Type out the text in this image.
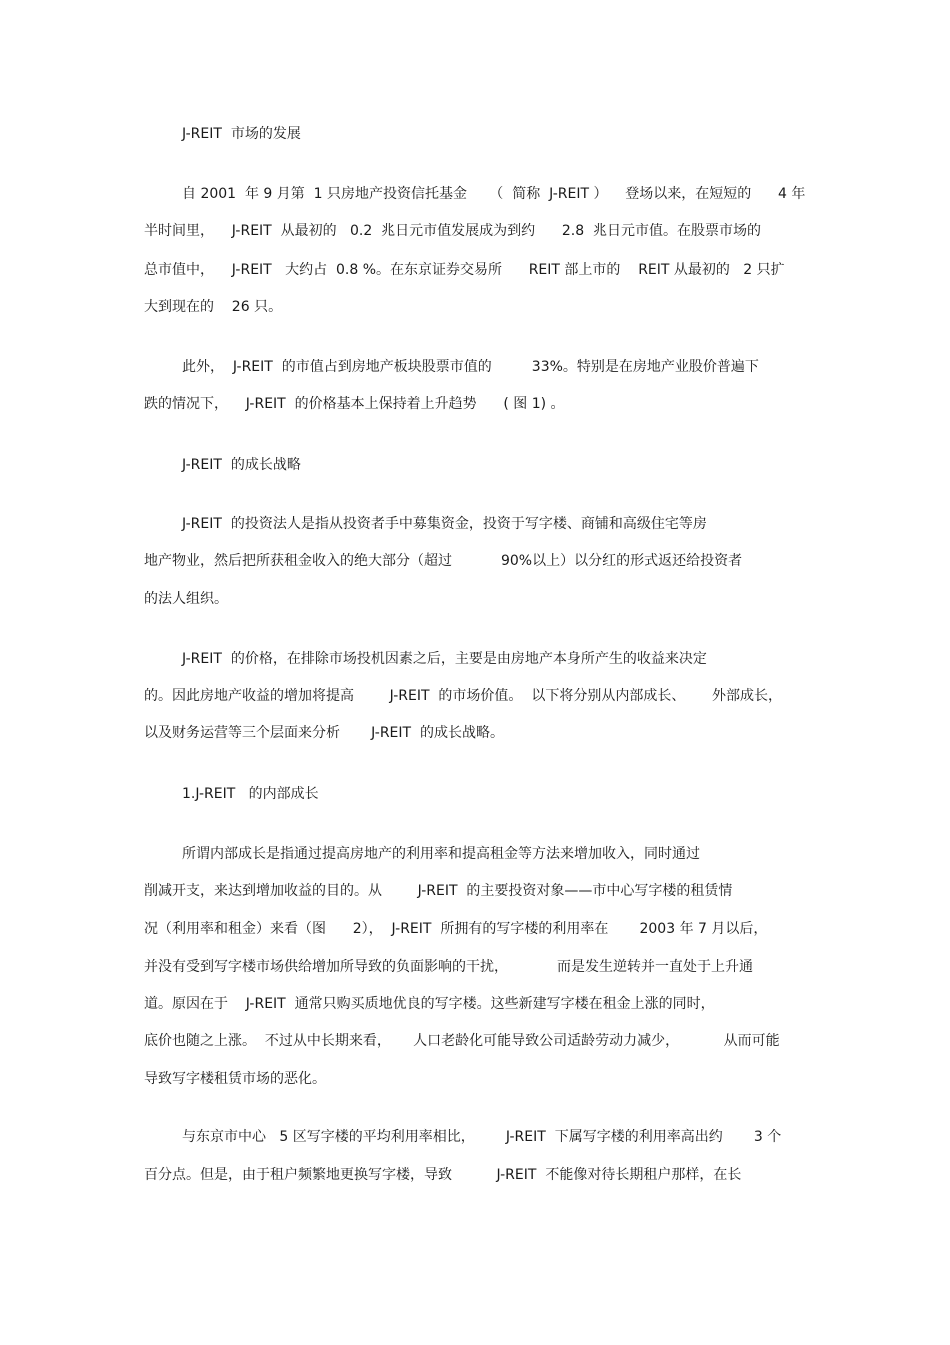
J-REIT  市场的发展
自 2001  年 9 月第  1 只房地产投资信托基金     （  简称  J-REIT ）    登场以来，在短短的      4 年
半时间里，    J-REIT  从最初的   0.2  兆日元市值发展成为到约      2.8  兆日元市值。在股票市场的
总市值中，    J-REIT   大约占  0.8 %。在东京证券交易所      REIT 部上市的    REIT 从最初的   2 只扩
大到现在的    26 只。
此外，  J-REIT  的市值占到房地产板块股票市值的         33%。特别是在房地产业股价普遍下
跌的情况下，    J-REIT  的价格基本上保持着上升趋势      ( 图 1) 。
J-REIT  的成长战略
J-REIT  的投资法人是指从投资者手中募集资金，投资于写字楼、商铺和高级住宅等房
地产物业，然后把所获租金收入的绝大部分（超过           90%以上）以分红的形式返还给投资者
的法人组织。
J-REIT  的价格，在排除市场投机因素之后，主要是由房地产本身所产生的收益来决定
的。因此房地产收益的增加将提高        J-REIT  的市场价值。  以下将分别从内部成长、      外部成长，
以及财务运营等三个层面来分析       J-REIT  的成长战略。
1.J-REIT   的内部成长
所谓内部成长是指通过提高房地产的利用率和提高租金等方法来增加收入，同时通过
削减开支，来达到增加收益的目的。从        J-REIT  的主要投资对象——市中心写字楼的租赁情
况（利用率和租金）来看（图      2），  J-REIT  所拥有的写字楼的利用率在       2003 年 7 月以后，
并没有受到写字楼市场供给增加所导致的负面影响的干扰，           而是发生逆转并一直处于上升通
道。原因在于    J-REIT  通常只购买质地优良的写字楼。这些新建写字楼在租金上涨的同时，
底价也随之上涨。  不过从中长期来看，     人口老龄化可能导致公司适龄劳动力减少，          从而可能
导致写字楼租赁市场的恶化。
与东京市中心   5 区写字楼的平均利用率相比，       J-REIT  下属写字楼的利用率高出约       3 个
百分点。但是，由于租户频繁地更换写字楼，导致          J-REIT  不能像对待长期租户那样，在长
